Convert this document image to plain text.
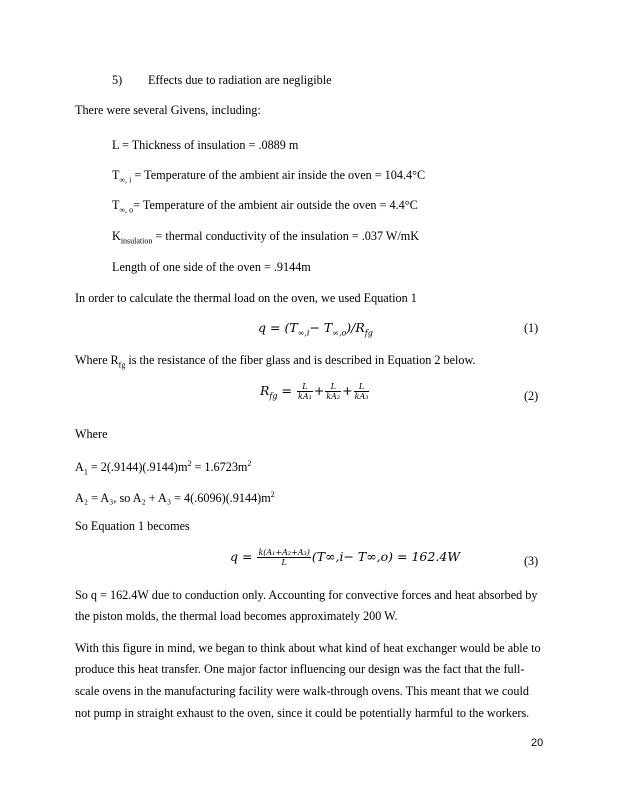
5) Effects due to radiation are negligible
There were several Givens, including:
L = Thickness of insulation = .0889 m
$T_{\infty, i}$ = Temperature of the ambient air inside the oven = 104.4°C
$T_{\infty, o}=$ Temperature of the ambient air outside the oven = 4.4°C
$K_{insulation}$ = thermal conductivity of the insulation = .037 W/mK
Length of one side of the oven = .9144m
In order to calculate the thermal load on the oven, we used Equation 1
$q = (T_{\infty,i}- T_{\infty,o})/R_{fg}$	(1)
Where $R_{fg}$ is the resistance of the fiber glass and is described in Equation 2 below.
$R_{fg} = \frac{L}{\text{kA₁}} + \frac{L}{\text{kA₂}} + \frac{L}{\text{kA₃}}$	(2)
Where
$A_1 = 2(.9144)(.9144)m^2 = 1.6723m^2$
A₂ = A₃, so $A_2 + A_3 = 4(.6096)(.9144)m^2$
So Equation 1 becomes
$q = \frac{\text{k(A₁+A₂+A₃)}}{L} (T\infty,i- T\infty,o) = 162.4W$	(3)
So q = 162.4W due to conduction only. Accounting for convective forces and heat absorbed by
the piston molds, the thermal load becomes approximately 200 W.
With this figure in mind, we began to think about what kind of heat exchanger would be able to
produce this heat transfer. One major factor influencing our design was the fact that the full-
scale ovens in the manufacturing facility were walk-through ovens. This meant that we could
not pump in straight exhaust to the oven, since it could be potentially harmful to the workers.
20
